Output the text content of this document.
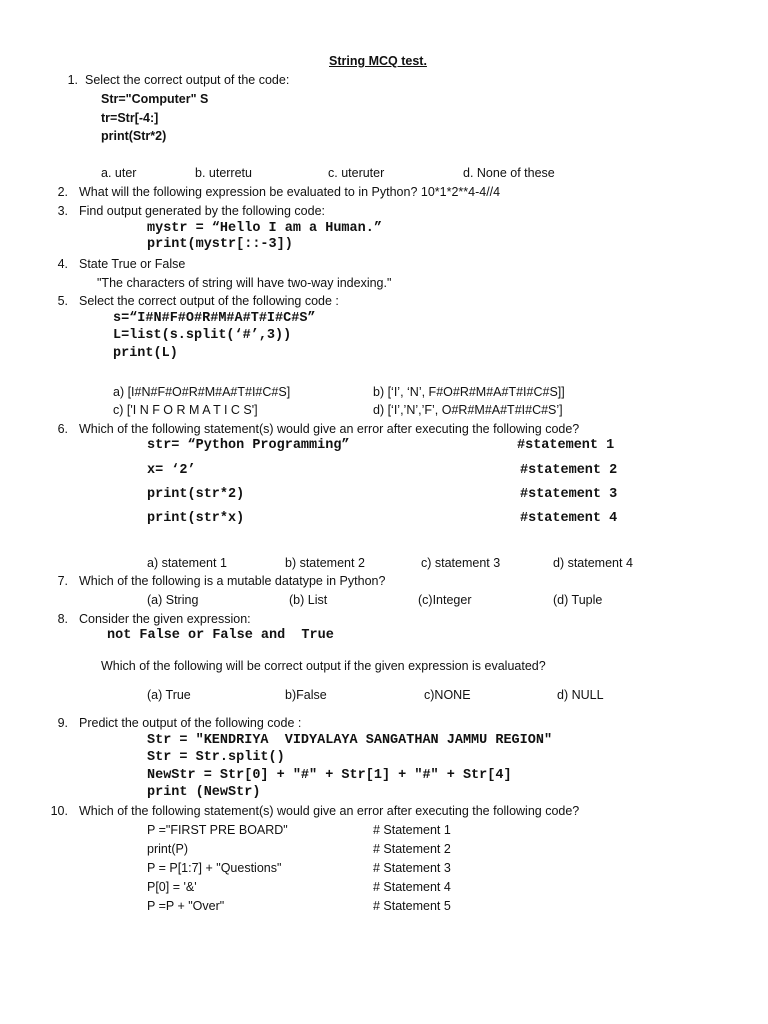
String MCQ test.
1. Select the correct output of the code:
Str="Computer" S
tr=Str[-4:]
print(Str*2)
a. uter	b. uterretu	c. uteruter	d. None of these
2. What will the following expression be evaluated to in Python? 10*1*2**4-4//4
3. Find output generated by the following code:
mystr = “Hello I am a Human.”
print(mystr[::-3])
4. State True or False
"The characters of string will have two-way indexing."
5. Select the correct output of the following code :
s=“I#N#F#O#R#M#A#T#I#C#S”
L=list(s.split(‘#’,3))
print(L)
a) [I#N#F#O#R#M#A#T#I#C#S]	b) [‘I’, ‘N’, F#O#R#M#A#T#I#C#S]]
c) ['I N F O R M A T I C S']	d) [‘I’,’N’,’F’, O#R#M#A#T#I#C#S’]
6. Which of the following statement(s) would give an error after executing the following code?
str= “Python Programming”	#statement 1
x= ‘2’	#statement 2
print(str*2)	#statement 3
print(str*x)	#statement 4
a) statement 1	b) statement 2	c) statement 3	d) statement 4
7. Which of the following is a mutable datatype in Python?
(a) String	(b) List	(c)Integer	(d) Tuple
8. Consider the given expression:
not False or False and  True
Which of the following will be correct output if the given expression is evaluated?
(a) True	b)False	c)NONE	d) NULL
9. Predict the output of the following code :
Str = "KENDRIYA  VIDYALAYA SANGATHAN JAMMU REGION"
Str = Str.split()
NewStr = Str[0] + "#" + Str[1] + "#" + Str[4]
print (NewStr)
10. Which of the following statement(s) would give an error after executing the following code?
P ="FIRST PRE BOARD"	# Statement 1
print(P)	# Statement 2
P = P[1:7] + "Questions"	# Statement 3
P[0] = '&'	# Statement 4
P =P + "Over"	# Statement 5
